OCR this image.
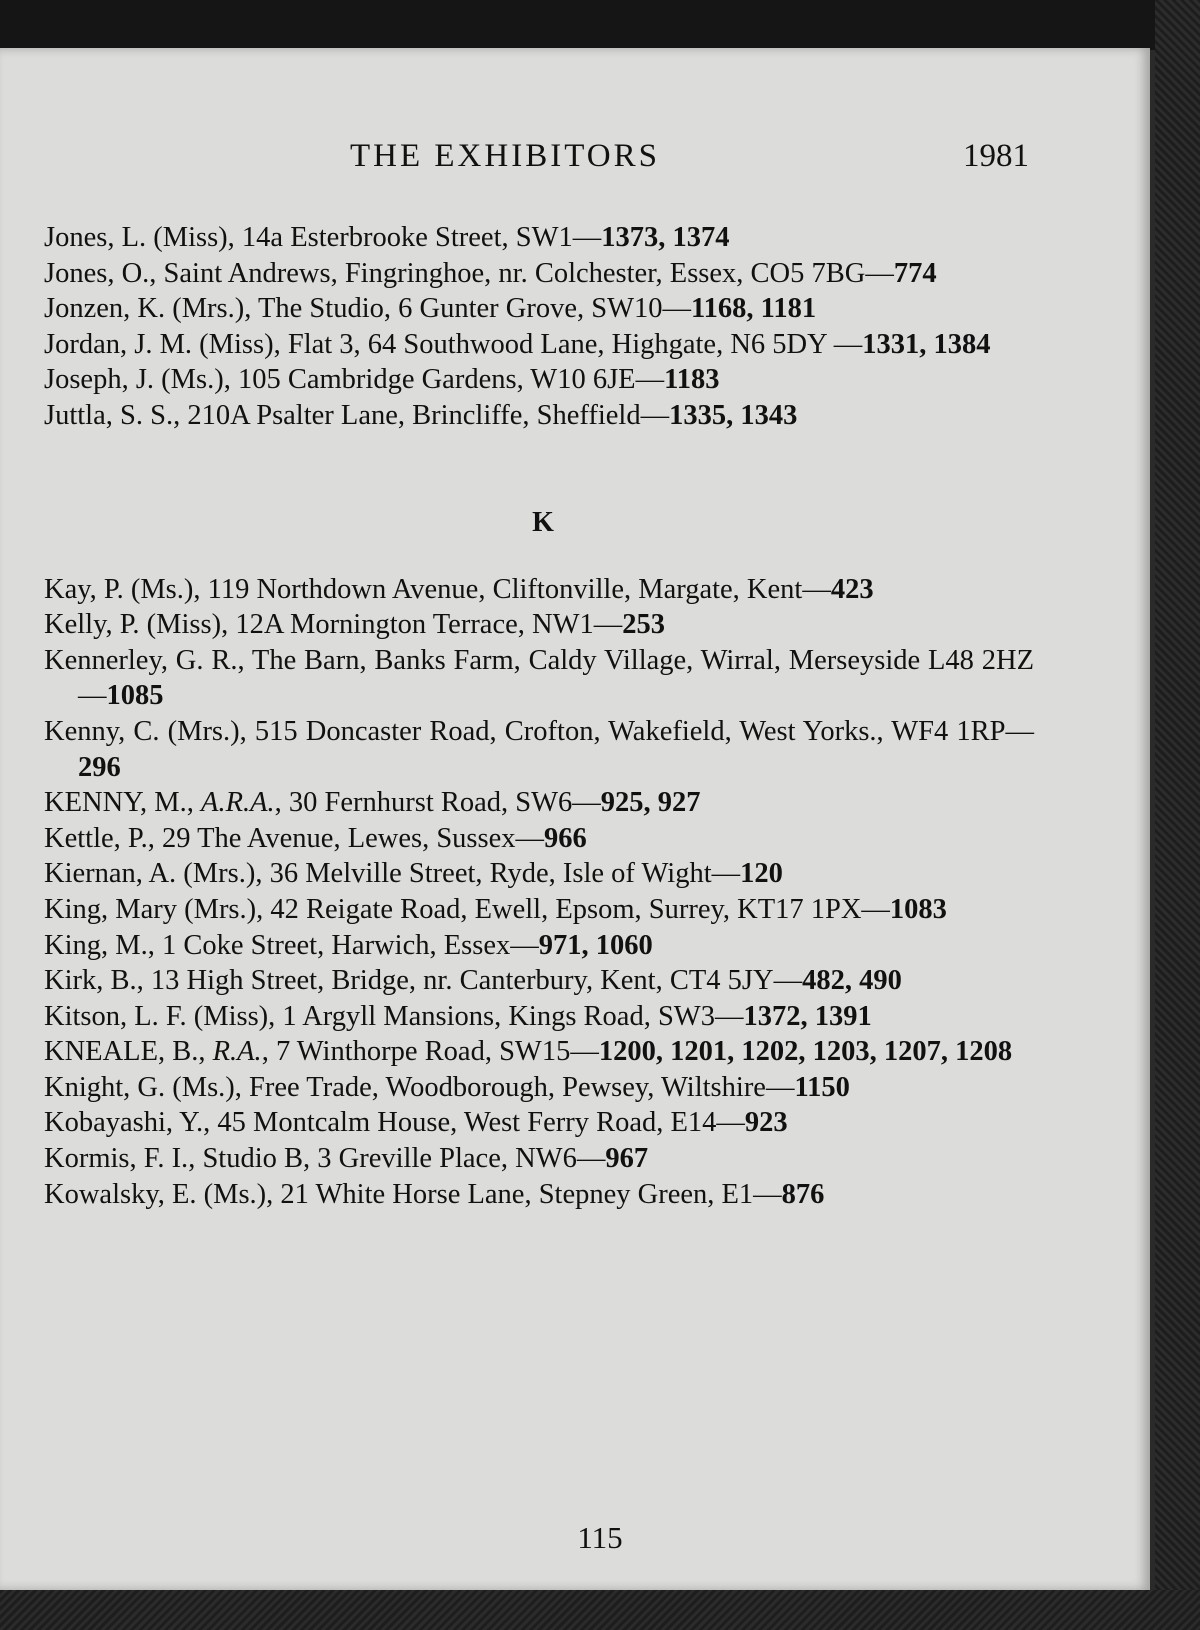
THE EXHIBITORS	1981
Jones, L. (Miss), 14a Esterbrooke Street, SW1—1373, 1374
Jones, O., Saint Andrews, Fingringhoe, nr. Colchester, Essex, CO5 7BG—774
Jonzen, K. (Mrs.), The Studio, 6 Gunter Grove, SW10—1168, 1181
Jordan, J. M. (Miss), Flat 3, 64 Southwood Lane, Highgate, N6 5DY —1331, 1384
Joseph, J. (Ms.), 105 Cambridge Gardens, W10 6JE—1183
Juttla, S. S., 210A Psalter Lane, Brincliffe, Sheffield—1335, 1343
K
Kay, P. (Ms.), 119 Northdown Avenue, Cliftonville, Margate, Kent—423
Kelly, P. (Miss), 12A Mornington Terrace, NW1—253
Kennerley, G. R., The Barn, Banks Farm, Caldy Village, Wirral, Merseyside L48 2HZ—1085
Kenny, C. (Mrs.), 515 Doncaster Road, Crofton, Wakefield, West Yorks., WF4 1RP—296
KENNY, M., A.R.A., 30 Fernhurst Road, SW6—925, 927
Kettle, P., 29 The Avenue, Lewes, Sussex—966
Kiernan, A. (Mrs.), 36 Melville Street, Ryde, Isle of Wight—120
King, Mary (Mrs.), 42 Reigate Road, Ewell, Epsom, Surrey, KT17 1PX—1083
King, M., 1 Coke Street, Harwich, Essex—971, 1060
Kirk, B., 13 High Street, Bridge, nr. Canterbury, Kent, CT4 5JY—482, 490
Kitson, L. F. (Miss), 1 Argyll Mansions, Kings Road, SW3—1372, 1391
KNEALE, B., R.A., 7 Winthorpe Road, SW15—1200, 1201, 1202, 1203, 1207, 1208
Knight, G. (Ms.), Free Trade, Woodborough, Pewsey, Wiltshire—1150
Kobayashi, Y., 45 Montcalm House, West Ferry Road, E14—923
Kormis, F. I., Studio B, 3 Greville Place, NW6—967
Kowalsky, E. (Ms.), 21 White Horse Lane, Stepney Green, E1—876
115
